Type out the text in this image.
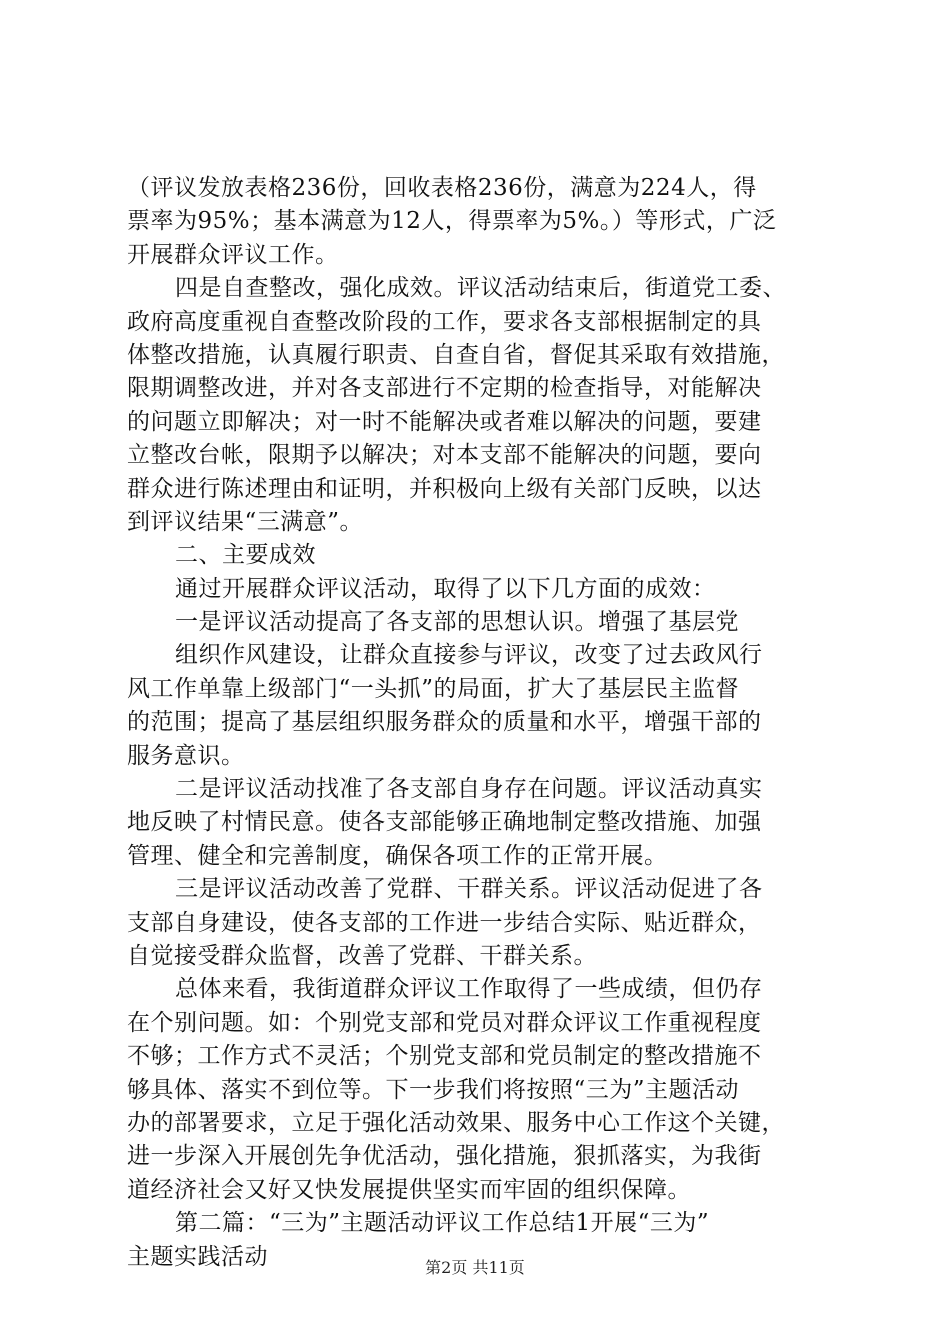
（评议发放表格236份，回收表格236份，满意为224人，得
票率为95%；基本满意为12人，得票率为5%。）等形式，广泛
开展群众评议工作。
四是自查整改，强化成效。评议活动结束后，街道党工委、
政府高度重视自查整改阶段的工作，要求各支部根据制定的具
体整改措施，认真履行职责、自查自省，督促其采取有效措施，
限期调整改进，并对各支部进行不定期的检查指导，对能解决
的问题立即解决；对一时不能解决或者难以解决的问题，要建
立整改台帐，限期予以解决；对本支部不能解决的问题，要向
群众进行陈述理由和证明，并积极向上级有关部门反映，以达
到评议结果“三满意”。
二、主要成效
通过开展群众评议活动，取得了以下几方面的成效：
一是评议活动提高了各支部的思想认识。增强了基层党
组织作风建设，让群众直接参与评议，改变了过去政风行
风工作单靠上级部门“一头抓”的局面，扩大了基层民主监督
的范围；提高了基层组织服务群众的质量和水平，增强干部的
服务意识。
二是评议活动找准了各支部自身存在问题。评议活动真实
地反映了村情民意。使各支部能够正确地制定整改措施、加强
管理、健全和完善制度，确保各项工作的正常开展。
三是评议活动改善了党群、干群关系。评议活动促进了各
支部自身建设，使各支部的工作进一步结合实际、贴近群众，
自觉接受群众监督，改善了党群、干群关系。
总体来看，我街道群众评议工作取得了一些成绩，但仍存
在个别问题。如：个别党支部和党员对群众评议工作重视程度
不够；工作方式不灵活；个别党支部和党员制定的整改措施不
够具体、落实不到位等。下一步我们将按照“三为”主题活动
办的部署要求，立足于强化活动效果、服务中心工作这个关键，
进一步深入开展创先争优活动，强化措施，狠抓落实，为我街
道经济社会又好又快发展提供坚实而牢固的组织保障。
第二篇：“三为”主题活动评议工作总结1开展“三为”
主题实践活动	第2页 共11页
